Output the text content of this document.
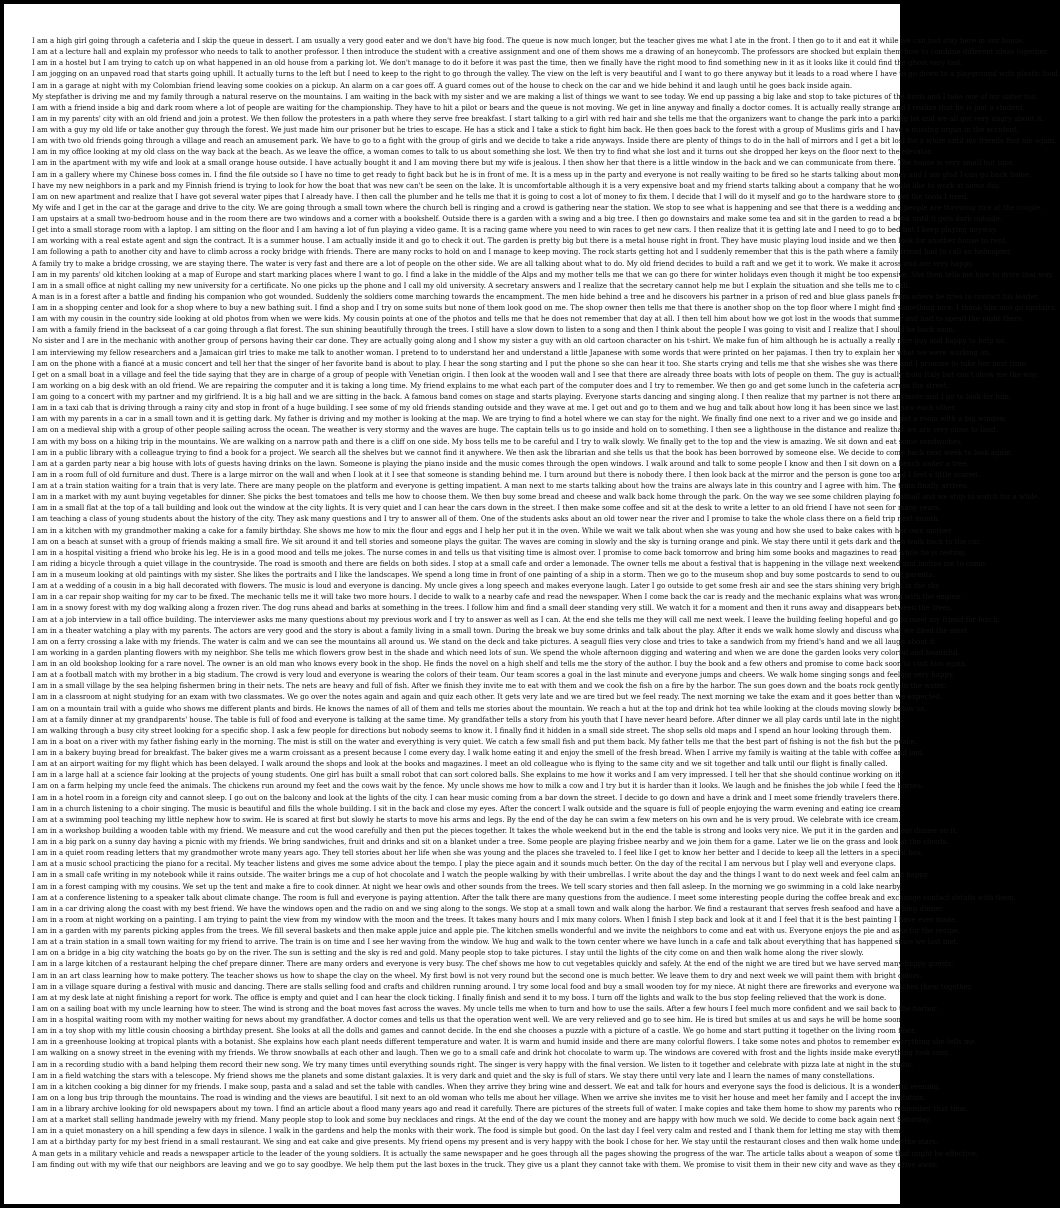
I am a high girl going through a cafeteria and I skip the queue in dessert. I am usually a very good eater and we don't have big food. The queue is now much longer, but the teacher gives me what I ate in the front. I then go to it and eat it while we can just stay here in our house.
I am at a lecture hall and explain my professor who needs to talk to another professor. I then introduce the student with a creative assignment and one of them shows me a drawing of an honeycomb. The professors are shocked but explain them how to combine different ideas together.
I am in a hostel but I am trying to catch up on what happened in an old house from a parking lot. We don't manage to do it before it was past the time, then we finally have the right mood to find something new in it as it looks like it could find the ghost very fast.
I am jogging on an unpaved road that starts going uphill. It actually turns to the left but I need to keep to the right to go through the valley. The view on the left is very beautiful and I want to go there anyway but it leads to a road where I have to go down to a playground with plastic food.
I am in a garage at night with my Colombian friend leaving some cookies on a pickup. An alarm on a car goes off. A guard comes out of the house to check on the car and we hide behind it and laugh until he goes back inside again.
My stepfather is driving me and my family through a natural reserve on the mountains. I am waiting in the back with my sister and we are making a list of things we want to see today. We end up passing a big lake and stop to take pictures of the birds and I take one of my sister too.
I am with a friend inside a big and dark room where a lot of people are waiting for the championship. They have to hit a pilot or bears and the queue is not moving. We get in line anyway and finally a doctor comes. It is actually really strange and I realize that he is just a student.
I am in my parents' city with an old friend and join a protest. We then follow the protesters in a path where they serve free breakfast. I start talking to a girl with red hair and she tells me that the organizers want to change the park into a parking lot and we all get very angry about it.
I am with a guy my old life or take another guy through the forest. We just made him our prisoner but he tries to escape. He has a stick and I take a stick to fight him back. He then goes back to the forest with a group of Muslims girls and I have a missing organ in the accident.
I am with two old friends going through a village and reach an amusement park. We have to go to a fight with the group of girls and we decide to take a ride anyways. Inside there are plenty of things to do in the hall of mirrors and I get a bit lost for a while until my friends find me again.
I am in my office looking at my old class on the way back at the beach. As we leave the office, a woman comes to talk to us about something she lost. We then try to find what she lost and it turns out she dropped her keys on the floor next to the elevator.
I am in the apartment with my wife and look at a small orange house outside. I have actually bought it and I am moving there but my wife is jealous. I then show her that there is a little window in the back and we can communicate from there. The house is very small but nice.
I am in a gallery where my Chinese boss comes in. I find the file outside so I have no time to get ready to fight back but he is in front of me. It is a mess up in the party and everyone is not really waiting to be fired so he starts talking about money and I am glad I can go back home.
I have my new neighbors in a park and my Finnish friend is trying to look for how the boat that was new can't be seen on the lake. It is uncomfortable although it is a very expensive boat and my friend starts talking about a company that he would like to work at some day.
I am on new apartment and realize that I have got several water pipes that I already have. I then call the plumber and he tells me that it is going to cost a lot of money to fix them. I decide that I will do it myself and go to the hardware store to get the tools I need.
My wife and I get in the car at the garage and drive to the city. We are going through a small town where the church bell is ringing and a crowd is gathering near the station. We stop to see what is happening and see that there is a wedding and people are throwing rice at the couple.
I am upstairs at a small two-bedroom house and in the room there are two windows and a corner with a bookshelf. Outside there is a garden with a swing and a big tree. I then go downstairs and make some tea and sit in the garden to read a book until it gets dark outside.
I get into a small storage room with a laptop. I am sitting on the floor and I am having a lot of fun playing a video game. It is a racing game where you need to win races to get new cars. I then realize that it is getting late and I need to go to bed but I keep playing anyway.
I am working with a real estate agent and sign the contract. It is a summer house. I am actually inside it and go to check it out. The garden is pretty big but there is a metal house right in front. They have music playing loud inside and we then look for another house to rent.
I am following a path to another city and have to climb across a rocky bridge with friends. There are many rocks to hold on and I manage to keep moving. The rock starts getting hot and I suddenly remember that this is the path where a family friend had to call an helicopter.
A family try to make a bridge crossing, we are staying there. The water is very fast and there are a lot of people on the other side. We are all talking about what to do. My old friend decides to build a raft and we get it to work. We make it across and are very happy.
I am in my parents' old kitchen looking at a map of Europe and start marking places where I want to go. I find a lake in the middle of the Alps and my mother tells me that we can go there for winter holidays even though it might be too expensive. She then tells me how to drive that way.
I am in a small office at night calling my new university for a certificate. No one picks up the phone and I call my old university. A secretary answers and I realize that the secretary cannot help me but I explain the situation and she tells me to call.
A man is in a forest after a battle and finding his companion who got wounded. Suddenly the soldiers come marching towards the encampment. The men hide behind a tree and he discovers his partner in a prison of red and blue glass panels from where he tries to contact his leader.
I am in a shopping center and look for a shop where to buy a new bathing suit. I find a shop and I try on some suits but none of them look good on me. The shop owner then tells me that there is another shop on the top floor where I might find something nice. I thank him and go upstairs.
I am with my cousin in the country side looking at old photos from when we were kids. My cousin points at one of the photos and tells me that he does not remember that day at all. I then tell him about how we got lost in the woods that summer and had to spend the night there.
I am with a family friend in the backseat of a car going through a flat forest. The sun shining beautifully through the trees. I still have a slow down to listen to a song and then I think about the people I was going to visit and I realize that I should be back soon.
No sister and I are in the mechanic with another group of persons having their car done. They are actually going along and I show my sister a guy with an old cartoon character on his t-shirt. We make fun of him although he is actually a really nice guy and happy to help us.
I am interviewing my fellow researchers and a Jamaican girl tries to make me talk to another woman. I pretend to to understand her and understand a little Japanese with some words that were printed on her pajamas. I then try to explain her what we were working on.
I am on the phone with a fiancé at a music concert and tell her that the singer of her favorite band is about to play. I hear the song starting and I put the phone so she can hear it too. She starts crying and tells me that she wishes she was there and I promise to take her next time.
I get on a small boat in a village and feel the tide saying that they are in charge of a group of people with Venetian origin. I then look at the wooden wall and I see that there are already three boats with lots of people on them. The guy is actually from Italy but can't show me the way.
I am working on a big desk with an old friend. We are repairing the computer and it is taking a long time. My friend explains to me what each part of the computer does and I try to remember. We then go and get some lunch in the cafeteria across the street.
I am going to a concert with my partner and my girlfriend. It is a big hall and we are sitting in the back. A famous band comes on stage and starts playing. Everyone starts dancing and singing along. I then realize that my partner is not there anymore and I go to look for him.
I am in a taxi cab that is driving through a rainy city and stop in front of a huge building. I see some of my old friends standing outside and they wave at me. I get out and go to them and we hug and talk about how long it has been since we last saw each other.
I am with my parents in a car in a small town and it is getting dark. My father is driving and my mother is looking at the map. We are trying to find a hotel where we can stay for the night. We finally find one next to a river and we go inside and get a room with a big window.
I am on a medieval ship with a group of other people sailing across the ocean. The weather is very stormy and the waves are huge. The captain tells us to go inside and hold on to something. I then see a lighthouse in the distance and realize that we are very close to land.
I am with my boss on a hiking trip in the mountains. We are walking on a narrow path and there is a cliff on one side. My boss tells me to be careful and I try to walk slowly. We finally get to the top and the view is amazing. We sit down and eat some sandwiches.
I am in a public library with a colleague trying to find a book for a project. We search all the shelves but we cannot find it anywhere. We then ask the librarian and she tells us that the book has been borrowed by someone else. We decide to come back next week to look again.
I am at a garden party near a big house with lots of guests having drinks on the lawn. Someone is playing the piano inside and the music comes through the open windows. I walk around and talk to some people I know and then I sit down on a bench under a tree.
I am in a room full of old furniture and dust. There is a large mirror on the wall and when I look at it I see that someone is standing behind me. I turn around but there is nobody there. I then look back at the mirror and the person is gone too and I feel a little scared.
I am at a train station waiting for a train that is very late. There are many people on the platform and everyone is getting impatient. A man next to me starts talking about how the trains are always late in this country and I agree with him. The train finally arrives.
I am in a market with my aunt buying vegetables for dinner. She picks the best tomatoes and tells me how to choose them. We then buy some bread and cheese and walk back home through the park. On the way we see some children playing football and we stop to watch for a while.
I am in a small flat at the top of a tall building and look out the window at the city lights. It is very quiet and I can hear the cars down in the street. I then make some coffee and sit at the desk to write a letter to an old friend I have not seen for many years.
I am teaching a class of young students about the history of the city. They ask many questions and I try to answer all of them. One of the students asks about an old tower near the river and I promise to take the whole class there on a field trip next month.
I am in a kitchen with my grandmother making a cake for a family birthday. She shows me how to mix the flour and eggs and I help her put it in the oven. While we wait we talk about when she was young and how she used to bake cakes with her own mother.
I am on a beach at sunset with a group of friends making a small fire. We sit around it and tell stories and someone plays the guitar. The waves are coming in slowly and the sky is turning orange and pink. We stay there until it gets dark and then walk back to the car.
I am in a hospital visiting a friend who broke his leg. He is in a good mood and tells me jokes. The nurse comes in and tells us that visiting time is almost over. I promise to come back tomorrow and bring him some books and magazines to read while he is resting.
I am riding a bicycle through a quiet village in the countryside. The road is smooth and there are fields on both sides. I stop at a small cafe and order a lemonade. The owner tells me about a festival that is happening in the village next weekend and invites me to come.
I am in a museum looking at old paintings with my sister. She likes the portraits and I like the landscapes. We spend a long time in front of one painting of a ship in a storm. Then we go to the museum shop and buy some postcards to send to our parents.
I am at a wedding of a cousin in a big hall decorated with flowers. The music is loud and everyone is dancing. My uncle gives a long speech and makes everyone laugh. Later I go outside to get some fresh air and see the stars shining very bright in the sky.
I am in a car repair shop waiting for my car to be fixed. The mechanic tells me it will take two more hours. I decide to walk to a nearby cafe and read the newspaper. When I come back the car is ready and the mechanic explains what was wrong with the engine.
I am in a snowy forest with my dog walking along a frozen river. The dog runs ahead and barks at something in the trees. I follow him and find a small deer standing very still. We watch it for a moment and then it runs away and disappears between the trees.
I am at a job interview in a tall office building. The interviewer asks me many questions about my previous work and I try to answer as well as I can. At the end she tells me they will call me next week. I leave the building feeling hopeful and go to meet my friend for lunch.
I am in a theater watching a play with my parents. The actors are very good and the story is about a family living in a small town. During the break we buy some drinks and talk about the play. After it ends we walk home slowly and discuss what we liked the most.
I am on a ferry crossing a lake with my friends. The water is calm and we can see the mountains all around us. We stand on the deck and take pictures. A seagull flies very close and tries to take a sandwich from my friend's hand and we all laugh about it.
I am working in a garden planting flowers with my neighbor. She tells me which flowers grow best in the shade and which need lots of sun. We spend the whole afternoon digging and watering and when we are done the garden looks very colorful and beautiful.
I am in an old bookshop looking for a rare novel. The owner is an old man who knows every book in the shop. He finds the novel on a high shelf and tells me the story of the author. I buy the book and a few others and promise to come back soon to visit him again.
I am at a football match with my brother in a big stadium. The crowd is very loud and everyone is wearing the colors of their team. Our team scores a goal in the last minute and everyone jumps and cheers. We walk home singing songs and feeling very happy.
I am in a small village by the sea helping fishermen bring in their nets. The nets are heavy and full of fish. After we finish they invite me to eat with them and we cook the fish on a fire by the harbor. The sun goes down and the boats rock gently in the water.
I am in a classroom at night studying for an exam with two classmates. We go over the notes again and again and quiz each other. It gets very late and we are tired but we feel ready. The next morning we take the exam and it goes better than we expected.
I am on a mountain trail with a guide who shows me different plants and birds. He knows the names of all of them and tells me stories about the mountain. We reach a hut at the top and drink hot tea while looking at the clouds moving slowly below us.
I am at a family dinner at my grandparents' house. The table is full of food and everyone is talking at the same time. My grandfather tells a story from his youth that I have never heard before. After dinner we all play cards until late in the night.
I am walking through a busy city street looking for a specific shop. I ask a few people for directions but nobody seems to know it. I finally find it hidden in a small side street. The shop sells old maps and I spend an hour looking through them.
I am in a boat on a river with my father fishing early in the morning. The mist is still on the water and everything is very quiet. We catch a few small fish and put them back. My father tells me that the best part of fishing is not the fish but the peace.
I am in a bakery buying bread for breakfast. The baker gives me a warm croissant as a present because I come every day. I walk home eating it and enjoy the smell of the fresh bread. When I arrive my family is waiting at the table with coffee and jam.
I am at an airport waiting for my flight which has been delayed. I walk around the shops and look at the books and magazines. I meet an old colleague who is flying to the same city and we sit together and talk until our flight is finally called.
I am in a large hall at a science fair looking at the projects of young students. One girl has built a small robot that can sort colored balls. She explains to me how it works and I am very impressed. I tell her that she should continue working on it.
I am on a farm helping my uncle feed the animals. The chickens run around my feet and the cows wait by the fence. My uncle shows me how to milk a cow and I try but it is harder than it looks. We laugh and he finishes the job while I feed the horses.
I am in a hotel room in a foreign city and cannot sleep. I go out on the balcony and look at the lights of the city. I can hear music coming from a bar down the street. I decide to go down and have a drink and I meet some friendly travelers there.
I am in a church listening to a choir singing. The music is beautiful and fills the whole building. I sit in the back and close my eyes. After the concert I walk outside and the square is full of people enjoying the warm evening and eating ice cream.
I am at a swimming pool teaching my little nephew how to swim. He is scared at first but slowly he starts to move his arms and legs. By the end of the day he can swim a few meters on his own and he is very proud. We celebrate with ice cream.
I am in a workshop building a wooden table with my friend. We measure and cut the wood carefully and then put the pieces together. It takes the whole weekend but in the end the table is strong and looks very nice. We put it in the garden and eat dinner on it.
I am in a big park on a sunny day having a picnic with my friends. We bring sandwiches, fruit and drinks and sit on a blanket under a tree. Some people are playing frisbee nearby and we join them for a game. Later we lie on the grass and look at the clouds.
I am in a quiet room reading letters that my grandmother wrote many years ago. They tell stories about her life when she was young and the places she traveled to. I feel like I get to know her better and I decide to keep all the letters in a special box.
I am at a music school practicing the piano for a recital. My teacher listens and gives me some advice about the tempo. I play the piece again and it sounds much better. On the day of the recital I am nervous but I play well and everyone claps.
I am in a small cafe writing in my notebook while it rains outside. The waiter brings me a cup of hot chocolate and I watch the people walking by with their umbrellas. I write about the day and the things I want to do next week and feel calm and happy.
I am in a forest camping with my cousins. We set up the tent and make a fire to cook dinner. At night we hear owls and other sounds from the trees. We tell scary stories and then fall asleep. In the morning we go swimming in a cold lake nearby.
I am at a conference listening to a speaker talk about climate change. The room is full and everyone is paying attention. After the talk there are many questions from the audience. I meet some interesting people during the coffee break and exchange contact details with them.
I am in a car driving along the coast with my best friend. We have the windows open and the radio on and we sing along to the songs. We stop at a small town and walk along the harbor. We find a restaurant that serves fresh seafood and have a long dinner.
I am in a room at night working on a painting. I am trying to paint the view from my window with the moon and the trees. It takes many hours and I mix many colors. When I finish I step back and look at it and I feel that it is the best painting I have ever made.
I am in a garden with my parents picking apples from the trees. We fill several baskets and then make apple juice and apple pie. The kitchen smells wonderful and we invite the neighbors to come and eat with us. Everyone enjoys the pie and asks for the recipe.
I am at a train station in a small town waiting for my friend to arrive. The train is on time and I see her waving from the window. We hug and walk to the town center where we have lunch in a cafe and talk about everything that has happened since we last met.
I am on a bridge in a big city watching the boats go by on the river. The sun is setting and the sky is red and gold. Many people stop to take pictures. I stay until the lights of the city come on and then walk home along the river slowly.
I am in a large kitchen of a restaurant helping the chef prepare dinner. There are many orders and everyone is very busy. The chef shows me how to cut vegetables quickly and safely. At the end of the night we are tired but we have served many happy guests.
I am in an art class learning how to make pottery. The teacher shows us how to shape the clay on the wheel. My first bowl is not very round but the second one is much better. We leave them to dry and next week we will paint them with bright colors.
I am in a village square during a festival with music and dancing. There are stalls selling food and crafts and children running around. I try some local food and buy a small wooden toy for my niece. At night there are fireworks and everyone watches them together.
I am at my desk late at night finishing a report for work. The office is empty and quiet and I can hear the clock ticking. I finally finish and send it to my boss. I turn off the lights and walk to the bus stop feeling relieved that the work is done.
I am on a sailing boat with my uncle learning how to steer. The wind is strong and the boat moves fast across the waves. My uncle tells me when to turn and how to use the sails. After a few hours I feel much more confident and we sail back to the harbor.
I am in a hospital waiting room with my mother waiting for news about my grandfather. A doctor comes and tells us that the operation went well. We are very relieved and go to see him. He is tired but smiles at us and says he will be home soon.
I am in a toy shop with my little cousin choosing a birthday present. She looks at all the dolls and games and cannot decide. In the end she chooses a puzzle with a picture of a castle. We go home and start putting it together on the living room floor.
I am in a greenhouse looking at tropical plants with a botanist. She explains how each plant needs different temperature and water. It is warm and humid inside and there are many colorful flowers. I take some notes and photos to remember everything she tells me.
I am walking on a snowy street in the evening with my friends. We throw snowballs at each other and laugh. Then we go to a small cafe and drink hot chocolate to warm up. The windows are covered with frost and the lights inside make everything look cozy.
I am in a recording studio with a band helping them record their new song. We try many times until everything sounds right. The singer is very happy with the final version. We listen to it together and celebrate with pizza late at night in the studio.
I am in a field watching the stars with a telescope. My friend shows me the planets and some distant galaxies. It is very dark and quiet and the sky is full of stars. We stay there until very late and I learn the names of many constellations.
I am in a kitchen cooking a big dinner for my friends. I make soup, pasta and a salad and set the table with candles. When they arrive they bring wine and dessert. We eat and talk for hours and everyone says the food is delicious. It is a wonderful evening.
I am on a long bus trip through the mountains. The road is winding and the views are beautiful. I sit next to an old woman who tells me about her village. When we arrive she invites me to visit her house and meet her family and I accept the invitation.
I am in a library archive looking for old newspapers about my town. I find an article about a flood many years ago and read it carefully. There are pictures of the streets full of water. I make copies and take them home to show my parents who remember that time.
I am at a market stall selling handmade jewelry with my friend. Many people stop to look and some buy necklaces and rings. At the end of the day we count the money and are happy with how much we sold. We decide to come back again next Saturday.
I am in a quiet monastery on a hill spending a few days in silence. I walk in the gardens and help the monks with their work. The food is simple but good. On the last day I feel very calm and rested and I thank them for letting me stay with them.
I am at a birthday party for my best friend in a small restaurant. We sing and eat cake and give presents. My friend opens my present and is very happy with the book I chose for her. We stay until the restaurant closes and then walk home under the stars.
A man gets in a military vehicle and reads a newspaper article to the leader of the young soldiers. It is actually the same newspaper and he goes through all the pages showing the progress of the war. The article talks about a weapon of some that might be effective.
I am finding out with my wife that our neighbors are leaving and we go to say goodbye. We help them put the last boxes in the truck. They give us a plant they cannot take with them. We promise to visit them in their new city and wave as they drive away.
